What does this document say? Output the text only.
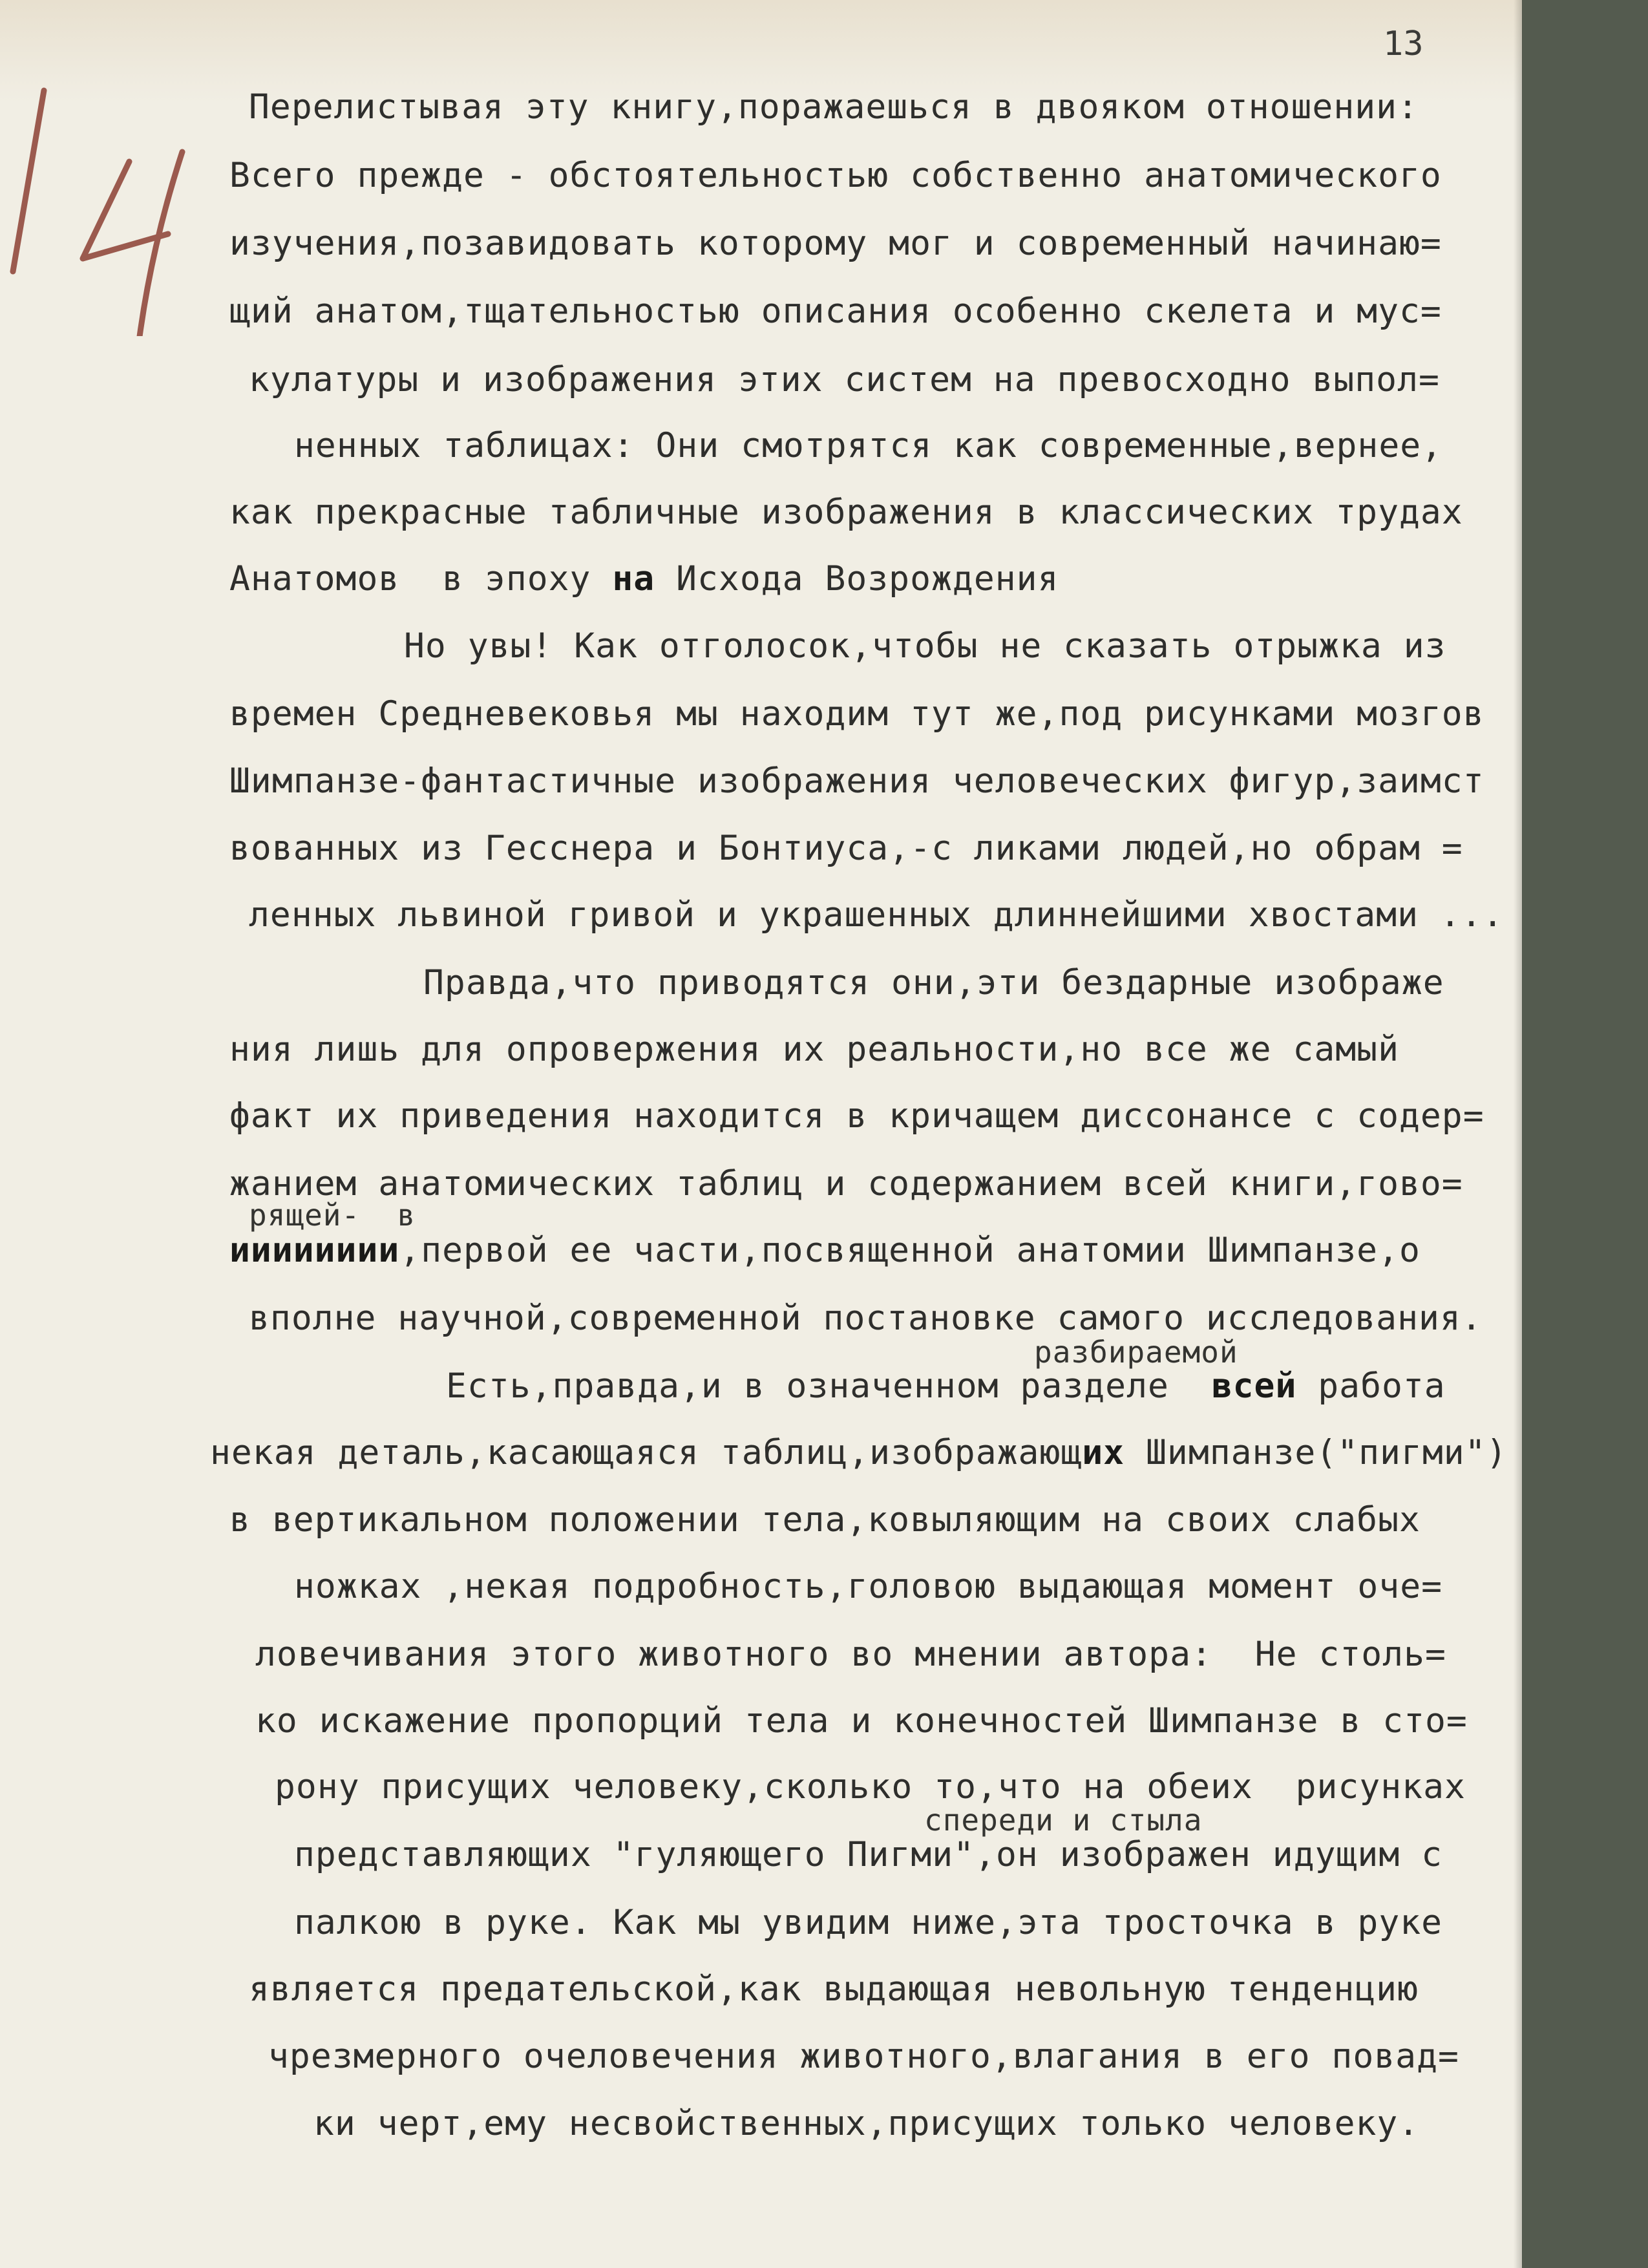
13
Перелистывая эту книгу,поражаешься в двояком отношении:
Всего прежде - обстоятельностью собственно анатомического
изучения,позавидовать которому мог и современный начинаю=
щий анатом,тщательностью описания особенно скелета и мус=
кулатуры и изображения этих систем на превосходно выпол=
ненных таблицах: Они смотрятся как современные,вернее,
как прекрасные табличные изображения в классических трудах
Анатомов  в эпоху на Исхода Возрождения
Но увы! Как отголосок,чтобы не сказать отрыжка из
времен Средневековья мы находим тут же,под рисунками мозгов
Шимпанзе-фантастичные изображения человеческих фигур,заимст
вованных из Гесснера и Бонтиуса,-с ликами людей,но обрам =
ленных львиной гривой и украшенных длиннейшими хвостами ...
Правда,что приводятся они,эти бездарные изображе
ния лишь для опровержения их реальности,но все же самый
факт их приведения находится в кричащем диссонансе с содер=
жанием анатомических таблиц и содержанием всей книги,гово=
рящей-  в
ииииииии,первой ее части,посвященной анатомии Шимпанзе,о
вполне научной,современной постановке самого исследования.
разбираемой
Есть,правда,и в означенном разделе  всей работа
некая деталь,касающаяся таблиц,изображающих Шимпанзе("пигми")
в вертикальном положении тела,ковыляющим на своих слабых
ножках ,некая подробность,головою выдающая момент оче=
ловечивания этого животного во мнении автора:  Не столь=
ко искажение пропорций тела и конечностей Шимпанзе в сто=
рону присущих человеку,сколько то,что на обеих  рисунках
спереди и стыла
представляющих "гуляющего Пигми",он изображен идущим с
палкою в руке. Как мы увидим ниже,эта тросточка в руке
является предательской,как выдающая невольную тенденцию
чрезмерного очеловечения животного,влагания в его повад=
ки черт,ему несвойственных,присущих только человеку.
